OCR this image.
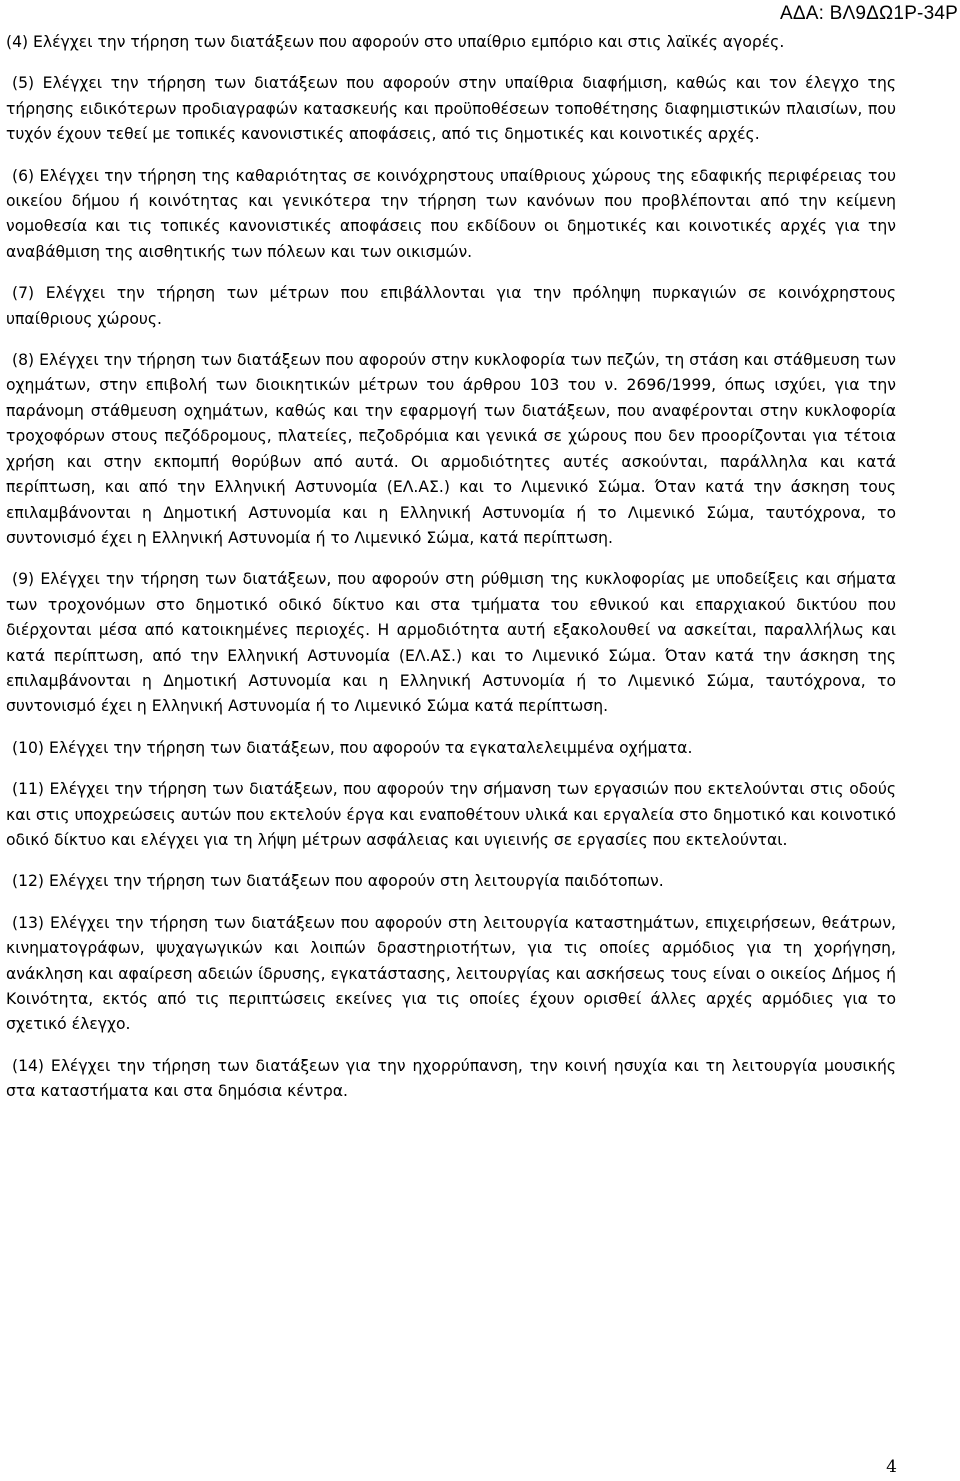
ΑΔΑ: ΒΛ9ΔΩ1Ρ-34Ρ

(4) Ελέγχει την τήρηση των διατάξεων που αφορούν στο υπαίθριο εμπόριο και στις λαϊκές αγορές.

(5) Ελέγχει την τήρηση των διατάξεων που αφορούν στην υπαίθρια διαφήμιση, καθώς και τον έλεγχο της τήρησης ειδικότερων προδιαγραφών κατασκευής και προϋποθέσεων τοποθέτησης διαφημιστικών πλαισίων, που τυχόν έχουν τεθεί με τοπικές κανονιστικές αποφάσεις, από τις δημοτικές και κοινοτικές αρχές.

(6) Ελέγχει την τήρηση της καθαριότητας σε κοινόχρηστους υπαίθριους χώρους της εδαφικής περιφέρειας του οικείου δήμου ή κοινότητας και γενικότερα την τήρηση των κανόνων που προβλέπονται από την κείμενη νομοθεσία και τις τοπικές κανονιστικές αποφάσεις που εκδίδουν οι δημοτικές και κοινοτικές αρχές για την αναβάθμιση της αισθητικής των πόλεων και των οικισμών.

(7) Ελέγχει την τήρηση των μέτρων που επιβάλλονται για την πρόληψη πυρκαγιών σε κοινόχρηστους υπαίθριους χώρους.

(8) Ελέγχει την τήρηση των διατάξεων που αφορούν στην κυκλοφορία των πεζών, τη στάση και στάθμευση των οχημάτων, στην επιβολή των διοικητικών μέτρων του άρθρου 103 του ν. 2696/1999, όπως ισχύει, για την παράνομη στάθμευση οχημάτων, καθώς και την εφαρμογή των διατάξεων, που αναφέρονται στην κυκλοφορία τροχοφόρων στους πεζόδρομους, πλατείες, πεζοδρόμια και γενικά σε χώρους που δεν προορίζονται για τέτοια χρήση και στην εκπομπή θορύβων από αυτά. Οι αρμοδιότητες αυτές ασκούνται, παράλληλα και κατά περίπτωση, και από την Ελληνική Αστυνομία (ΕΛ.ΑΣ.) και το Λιμενικό Σώμα. Όταν κατά την άσκηση τους επιλαμβάνονται η Δημοτική Αστυνομία και η Ελληνική Αστυνομία ή το Λιμενικό Σώμα, ταυτόχρονα, το συντονισμό έχει η Ελληνική Αστυνομία ή το Λιμενικό Σώμα, κατά περίπτωση.

(9) Ελέγχει την τήρηση των διατάξεων, που αφορούν στη ρύθμιση της κυκλοφορίας με υποδείξεις και σήματα των τροχονόμων στο δημοτικό οδικό δίκτυο και στα τμήματα του εθνικού και επαρχιακού δικτύου που διέρχονται μέσα από κατοικημένες περιοχές. Η αρμοδιότητα αυτή εξακολουθεί να ασκείται, παραλλήλως και κατά περίπτωση, από την Ελληνική Αστυνομία (ΕΛ.ΑΣ.) και το Λιμενικό Σώμα. Όταν κατά την άσκηση της επιλαμβάνονται η Δημοτική Αστυνομία και η Ελληνική Αστυνομία ή το Λιμενικό Σώμα, ταυτόχρονα, το συντονισμό έχει η Ελληνική Αστυνομία ή το Λιμενικό Σώμα κατά περίπτωση.

(10) Ελέγχει την τήρηση των διατάξεων, που αφορούν τα εγκαταλελειμμένα οχήματα.

(11) Ελέγχει την τήρηση των διατάξεων, που αφορούν την σήμανση των εργασιών που εκτελούνται στις οδούς και στις υποχρεώσεις αυτών που εκτελούν έργα και εναποθέτουν υλικά και εργαλεία στο δημοτικό και κοινοτικό οδικό δίκτυο και ελέγχει για τη λήψη μέτρων ασφάλειας και υγιεινής σε εργασίες που εκτελούνται.

(12) Ελέγχει την τήρηση των διατάξεων που αφορούν στη λειτουργία παιδότοπων.

(13) Ελέγχει την τήρηση των διατάξεων που αφορούν στη λειτουργία καταστημάτων, επιχειρήσεων, θεάτρων, κινηματογράφων, ψυχαγωγικών και λοιπών δραστηριοτήτων, για τις οποίες αρμόδιος για τη χορήγηση, ανάκληση και αφαίρεση αδειών ίδρυσης, εγκατάστασης, λειτουργίας και ασκήσεως τους είναι ο οικείος Δήμος ή Κοινότητα, εκτός από τις περιπτώσεις εκείνες για τις οποίες έχουν ορισθεί άλλες αρχές αρμόδιες για το σχετικό έλεγχο.

(14) Ελέγχει την τήρηση των διατάξεων για την ηχορρύπανση, την κοινή ησυχία και τη λειτουργία μουσικής στα καταστήματα και στα δημόσια κέντρα.

4
